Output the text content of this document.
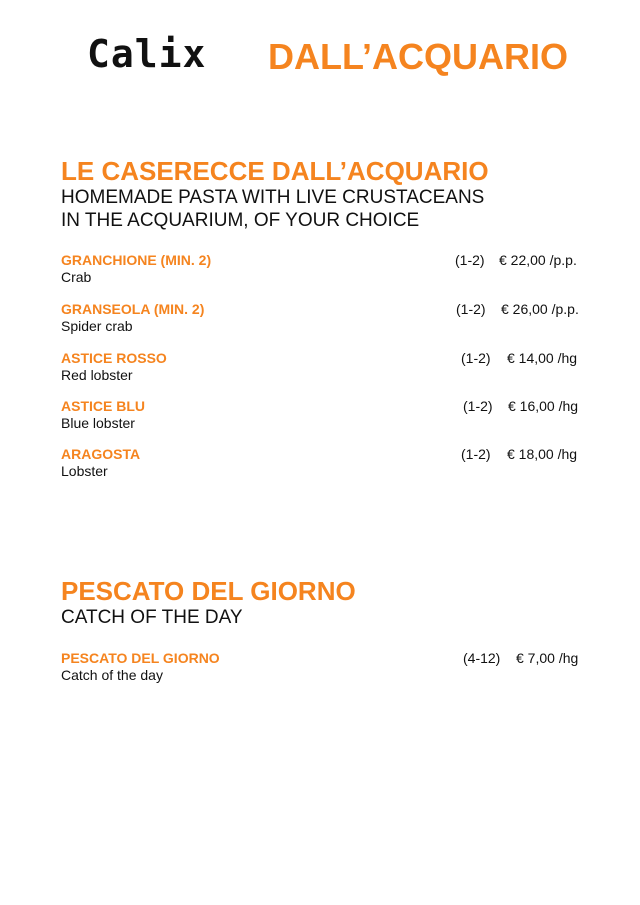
Calix DALL’ACQUARIO
LE CASERECCE DALL’ACQUARIO
HOMEMADE PASTA WITH LIVE CRUSTACEANS
IN THE ACQUARIUM, OF YOUR CHOICE
GRANCHIONE (MIN. 2)
Crab
(1-2) € 22,00 /p.p.
GRANSEOLA (MIN. 2)
Spider crab
(1-2) € 26,00 /p.p.
ASTICE ROSSO
Red lobster
(1-2) € 14,00 /hg
ASTICE BLU
Blue lobster
(1-2) € 16,00 /hg
ARAGOSTA
Lobster
(1-2) € 18,00 /hg
PESCATO DEL GIORNO
CATCH OF THE DAY
PESCATO DEL GIORNO
Catch of the day
(4-12) € 7,00 /hg
